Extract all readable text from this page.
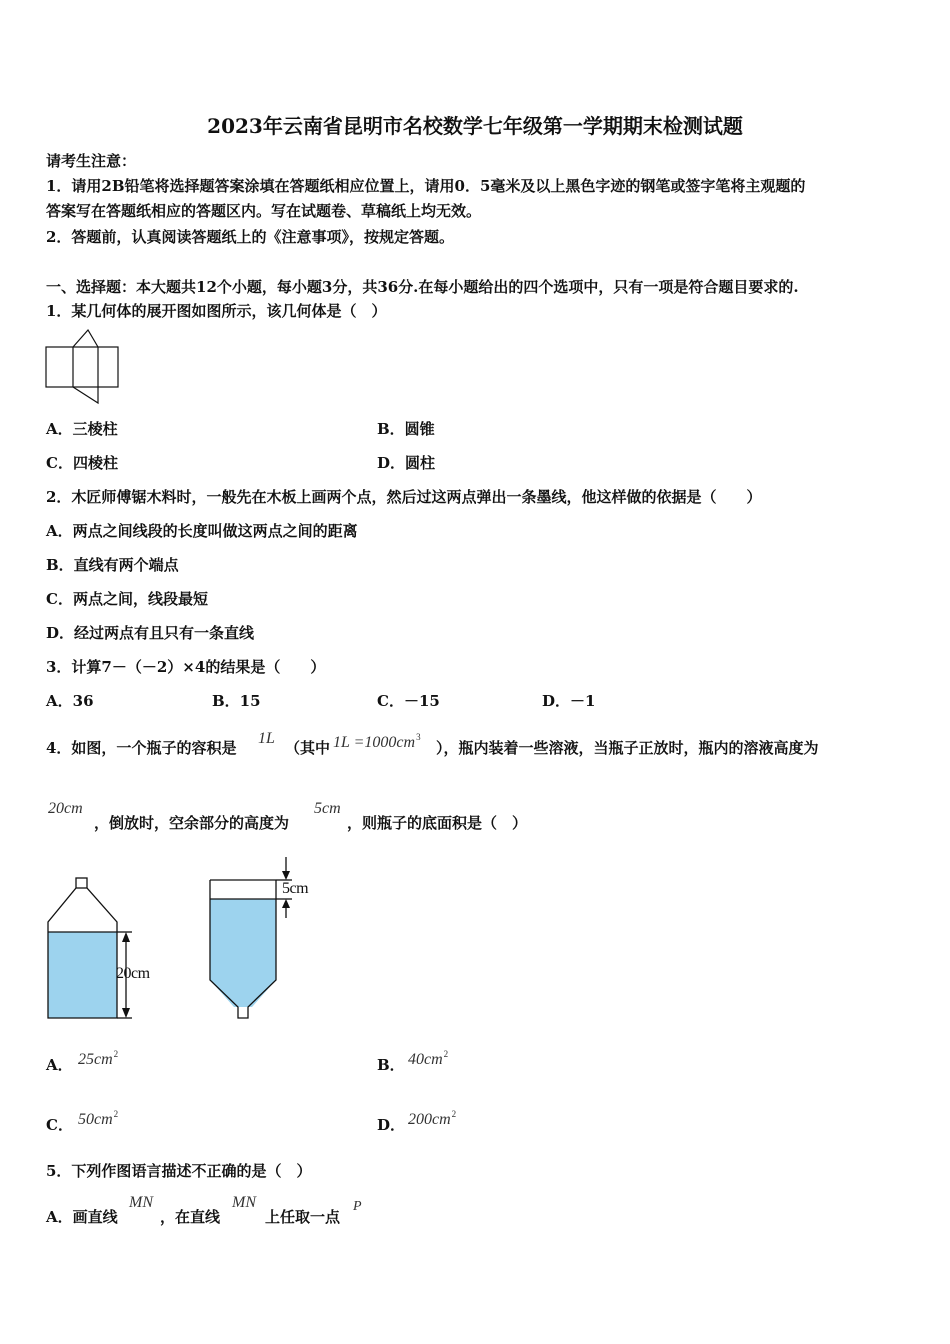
2023年云南省昆明市名校数学七年级第一学期期末检测试题
请考生注意：
1．请用2B铅笔将选择题答案涂填在答题纸相应位置上，请用0．5毫米及以上黑色字迹的钢笔或签字笔将主观题的
答案写在答题纸相应的答题区内。写在试题卷、草稿纸上均无效。
2．答题前，认真阅读答题纸上的《注意事项》，按规定答题。
一、选择题：本大题共12个小题，每小题3分，共36分.在每小题给出的四个选项中，只有一项是符合题目要求的.
1．某几何体的展开图如图所示，该几何体是（　）
A．三棱柱	B．圆锥
C．四棱柱	D．圆柱
2．木匠师傅锯木料时，一般先在木板上画两个点，然后过这两点弹出一条墨线，他这样做的依据是（　　）
A．两点之间线段的长度叫做这两点之间的距离
B．直线有两个端点
C．两点之间，线段最短
D．经过两点有且只有一条直线
3．计算7－（－2）×4的结果是（　　）
A．36	B．15	C．－15	D．－1
4．如图，一个瓶子的容积是
1L
（其中 $1L =1000cm^3$
），瓶内装着一些溶液，当瓶子正放时，瓶内的溶液高度为
20cm
，倒放时，空余部分的高度为
5cm
，则瓶子的底面积是（　）
20cm
5cm
A． $25cm^2$
B． $40cm^2$
C． $50cm^2$
D． $200cm^2$
5．下列作图语言描述不正确的是（　）
A．画直线
MN
，在直线
MN
上任取一点
P
